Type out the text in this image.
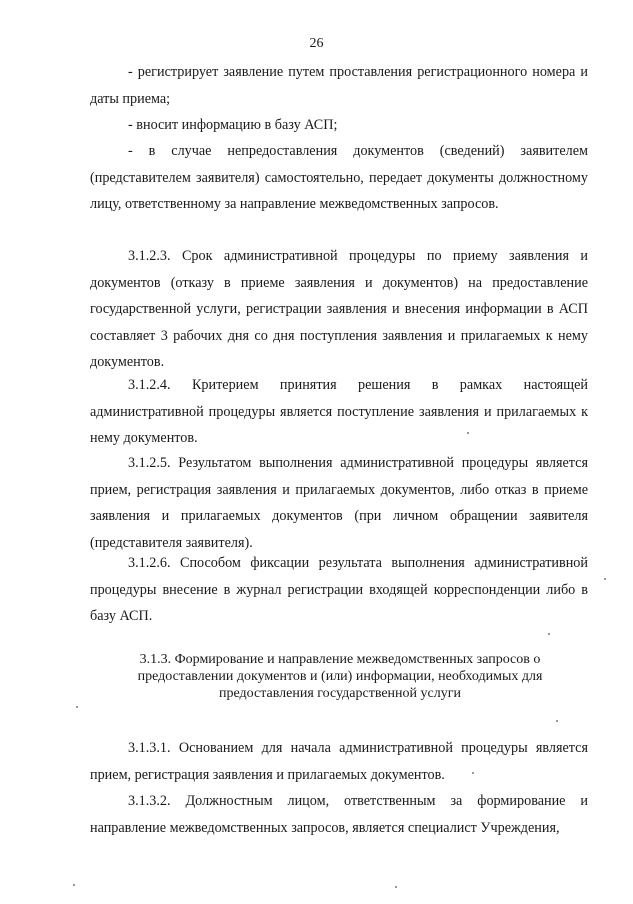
26

- регистрирует заявление путем проставления регистрационного номера и даты приема;

- вносит информацию в базу АСП;

- в случае непредоставления документов (сведений) заявителем (представителем заявителя) самостоятельно, передает документы должностному лицу, ответственному за направление межведомственных запросов.

3.1.2.3. Срок административной процедуры по приему заявления и документов (отказу в приеме заявления и документов) на предоставление государственной услуги, регистрации заявления и внесения информации в АСП составляет 3 рабочих дня со дня поступления заявления и прилагаемых к нему документов.

3.1.2.4. Критерием принятия решения в рамках настоящей административной процедуры является поступление заявления и прилагаемых к нему документов.

3.1.2.5. Результатом выполнения административной процедуры является прием, регистрация заявления и прилагаемых документов, либо отказ в приеме заявления и прилагаемых документов (при личном обращении заявителя (представителя заявителя).

3.1.2.6. Способом фиксации результата выполнения административной процедуры внесение в журнал регистрации входящей корреспонденции либо в базу АСП.

3.1.3. Формирование и направление межведомственных запросов о предоставлении документов и (или) информации, необходимых для предоставления государственной услуги

3.1.3.1. Основанием для начала административной процедуры является прием, регистрация заявления и прилагаемых документов.

3.1.3.2. Должностным лицом, ответственным за формирование и направление межведомственных запросов, является специалист Учреждения,
